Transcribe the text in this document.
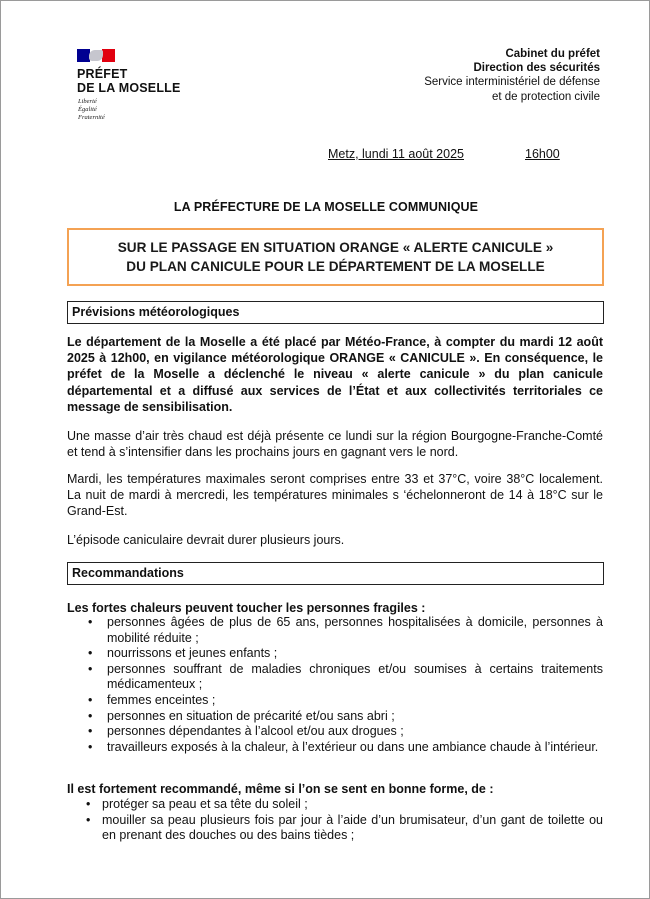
PRÉFET
DE LA MOSELLE
Liberté
Égalité
Fraternité
Cabinet du préfet
Direction des sécurités
Service interministériel de défense
et de protection civile
Metz, lundi 11 août 2025	16h00
LA PRÉFECTURE DE LA MOSELLE COMMUNIQUE
SUR LE PASSAGE EN SITUATION ORANGE « ALERTE CANICULE »
DU PLAN CANICULE POUR LE DÉPARTEMENT DE LA MOSELLE
Prévisions météorologiques
Le département de la Moselle a été placé par Météo-France, à compter du mardi 12 août 2025 à 12h00, en vigilance météorologique ORANGE « CANICULE ». En conséquence, le préfet de la Moselle a déclenché le niveau « alerte canicule » du plan canicule départemental et a diffusé aux services de l’État et aux collectivités territoriales ce message de sensibilisation.
Une masse d’air très chaud est déjà présente ce lundi sur la région Bourgogne-Franche-Comté et tend à s’intensifier dans les prochains jours en gagnant vers le nord.
Mardi, les températures maximales seront comprises entre 33 et 37°C, voire 38°C localement. La nuit de mardi à mercredi, les températures minimales s ‘échelonneront de 14 à 18°C sur le Grand-Est.
L’épisode caniculaire devrait durer plusieurs jours.
Recommandations
Les fortes chaleurs peuvent toucher les personnes fragiles :
• personnes âgées de plus de 65 ans, personnes hospitalisées à domicile, personnes à mobilité réduite ;
• nourrissons et jeunes enfants ;
• personnes souffrant de maladies chroniques et/ou soumises à certains traitements médicamenteux ;
• femmes enceintes ;
• personnes en situation de précarité et/ou sans abri ;
• personnes dépendantes à l’alcool et/ou aux drogues ;
• travailleurs exposés à la chaleur, à l’extérieur ou dans une ambiance chaude à l’intérieur.
Il est fortement recommandé, même si l’on se sent en bonne forme, de :
• protéger sa peau et sa tête du soleil ;
• mouiller sa peau plusieurs fois par jour à l’aide d’un brumisateur, d’un gant de toilette ou en prenant des douches ou des bains tièdes ;
